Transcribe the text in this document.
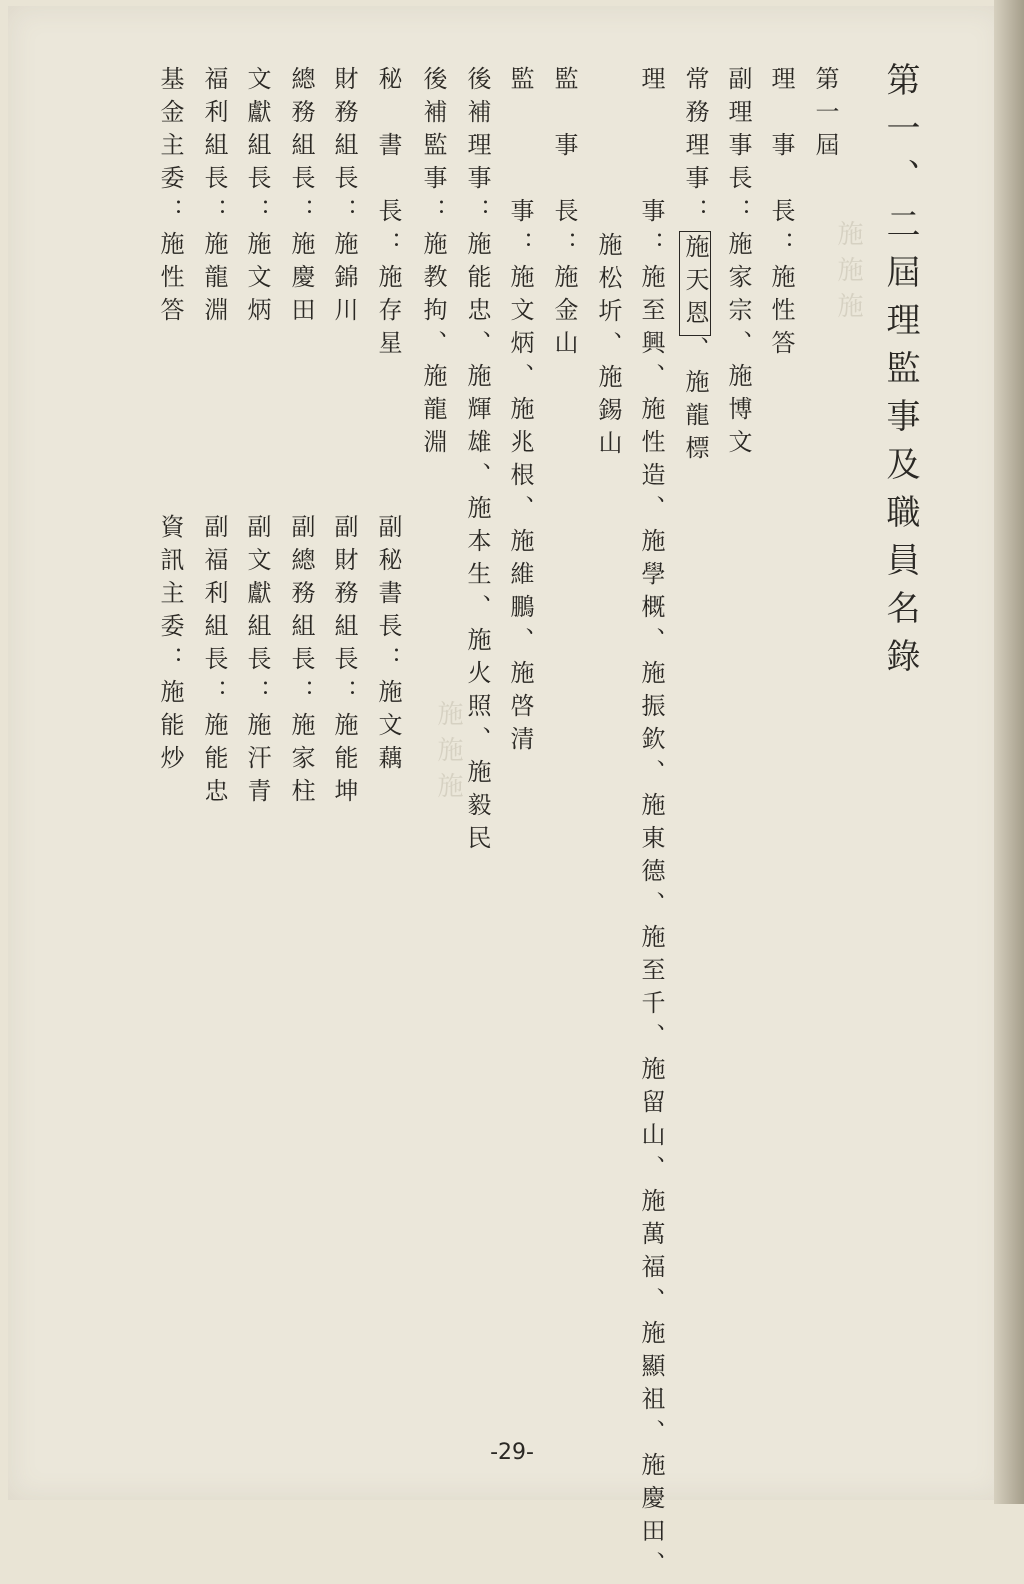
施施施
施施施
第一、二屆理監事及職員名錄
第一屆
理　事　長：施性答
副理事長：施家宗、施博文
常務理事：施天恩、施龍標
理　　　事：施至興、施性造、施學概、施振欽、施東德、施至千、施留山、施萬福、施顯祖、施慶田、
施松圻、施錫山
監　事　長：施金山
監　　　事：施文炳、施兆根、施維鵬、施啓清
後補理事：施能忠、施輝雄、施本生、施火照、施毅民
後補監事：施教拘、施龍淵
秘　書　長：施存星
財務組長：施錦川
總務組長：施慶田
文獻組長：施文炳
福利組長：施龍淵
基金主委：施性答
副秘書長：施文藕
副財務組長：施能坤
副總務組長：施家柱
副文獻組長：施汗青
副福利組長：施能忠
資訊主委：施能炒
-29-
